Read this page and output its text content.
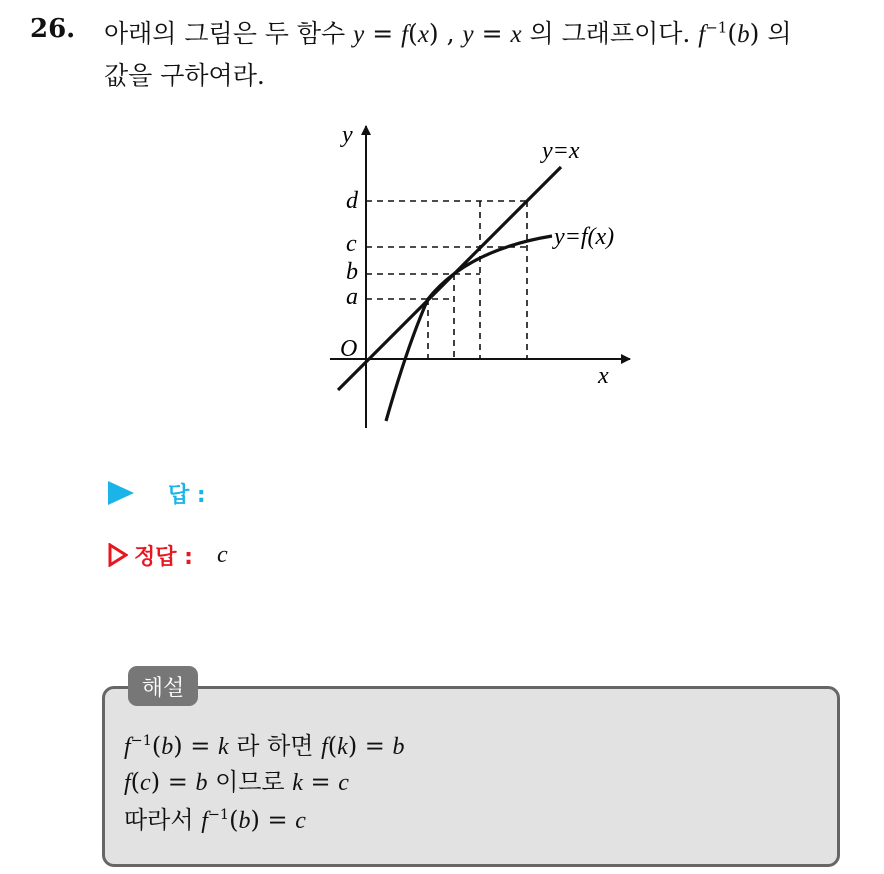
26. 아래의 그림은 두 함수 y = f(x) , y = x 의 그래프이다. $f^{-1}(b)$ 의
값을 구하여라.
y
x
O
y=x
y=f(x)
d
c
b
a
답 :
정답 : c
해설
$f^{-1}(b) = k$ 라 하면 f(k) = b
f(c) = b 이므로 k = c
따라서 $f^{-1}(b) = c$
